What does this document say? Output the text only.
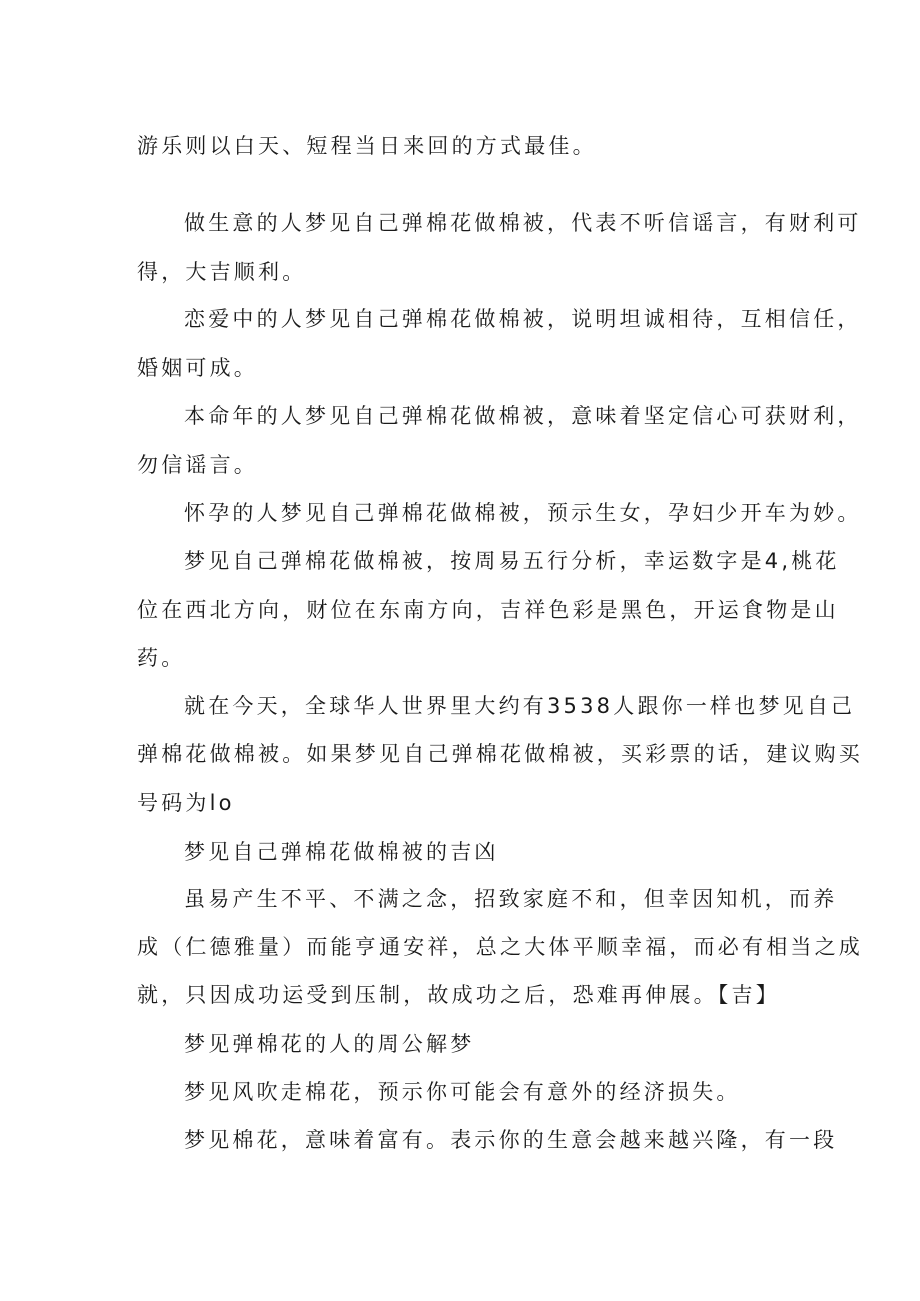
游乐则以白天、短程当日来回的方式最佳。
做生意的人梦见自己弹棉花做棉被，代表不听信谣言，有财利可
得，大吉顺利。
恋爱中的人梦见自己弹棉花做棉被，说明坦诚相待，互相信任，
婚姻可成。
本命年的人梦见自己弹棉花做棉被，意味着坚定信心可获财利，
勿信谣言。
怀孕的人梦见自己弹棉花做棉被，预示生女，孕妇少开车为妙。
梦见自己弹棉花做棉被，按周易五行分析，幸运数字是4,桃花
位在西北方向，财位在东南方向，吉祥色彩是黑色，开运食物是山
药。
就在今天，全球华人世界里大约有3538人跟你一样也梦见自己
弹棉花做棉被。如果梦见自己弹棉花做棉被，买彩票的话，建议购买
号码为lo
梦见自己弹棉花做棉被的吉凶
虽易产生不平、不满之念，招致家庭不和，但幸因知机，而养
成（仁德雅量）而能亨通安祥，总之大体平顺幸福，而必有相当之成
就，只因成功运受到压制，故成功之后，恐难再伸展。【吉】
梦见弹棉花的人的周公解梦
梦见风吹走棉花，预示你可能会有意外的经济损失。
梦见棉花，意味着富有。表示你的生意会越来越兴隆，有一段
